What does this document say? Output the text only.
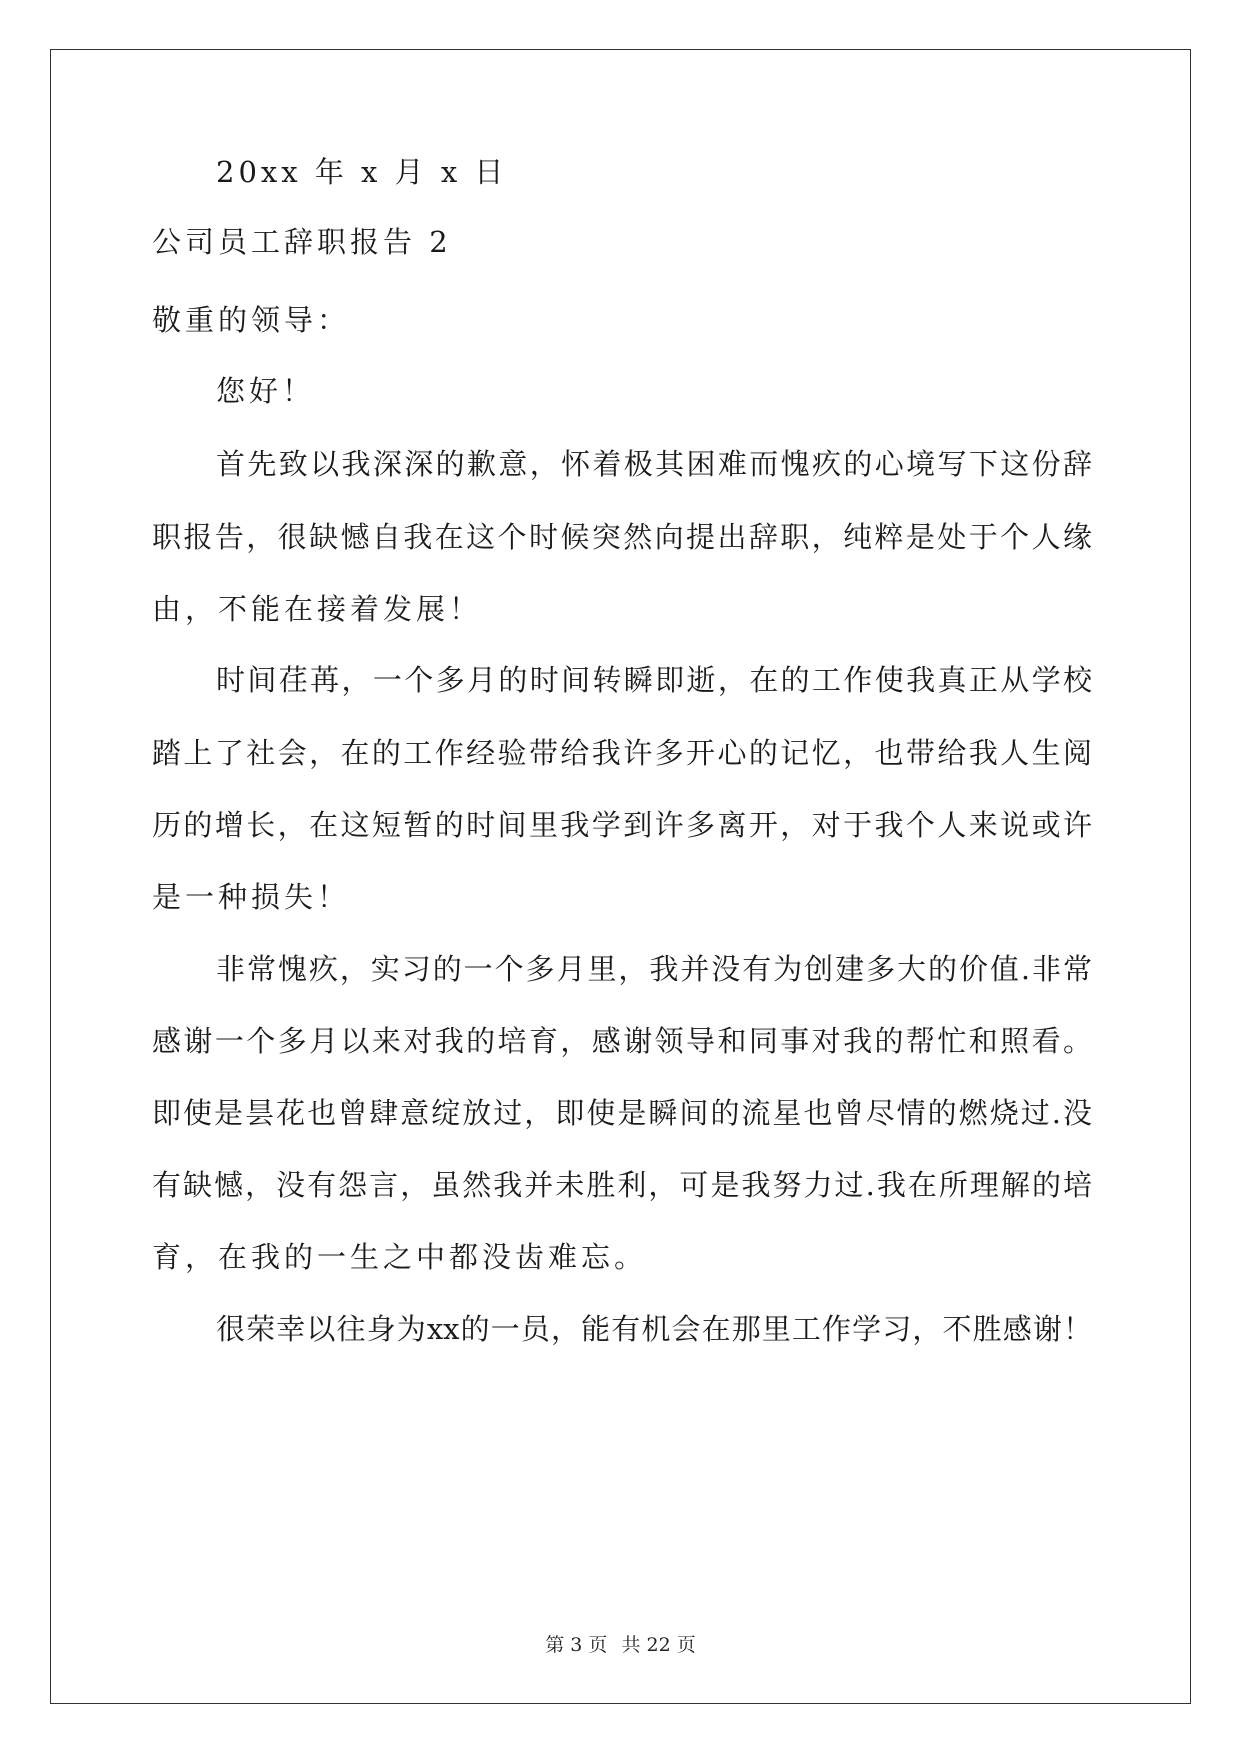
20xx 年 x 月 x 日
公司员工辞职报告 2
敬重的领导：
您好！
首先致以我深深的歉意，怀着极其困难而愧疚的心境写下这份辞
职报告，很缺憾自我在这个时候突然向提出辞职，纯粹是处于个人缘
由，不能在接着发展！
时间荏苒，一个多月的时间转瞬即逝，在的工作使我真正从学校
踏上了社会，在的工作经验带给我许多开心的记忆，也带给我人生阅
历的增长，在这短暂的时间里我学到许多离开，对于我个人来说或许
是一种损失！
非常愧疚，实习的一个多月里，我并没有为创建多大的价值.非常
感谢一个多月以来对我的培育，感谢领导和同事对我的帮忙和照看。
即使是昙花也曾肆意绽放过，即使是瞬间的流星也曾尽情的燃烧过.没
有缺憾，没有怨言，虽然我并未胜利，可是我努力过.我在所理解的培
育，在我的一生之中都没齿难忘。
很荣幸以往身为xx的一员，能有机会在那里工作学习，不胜感谢！
第 3 页 共 22 页
